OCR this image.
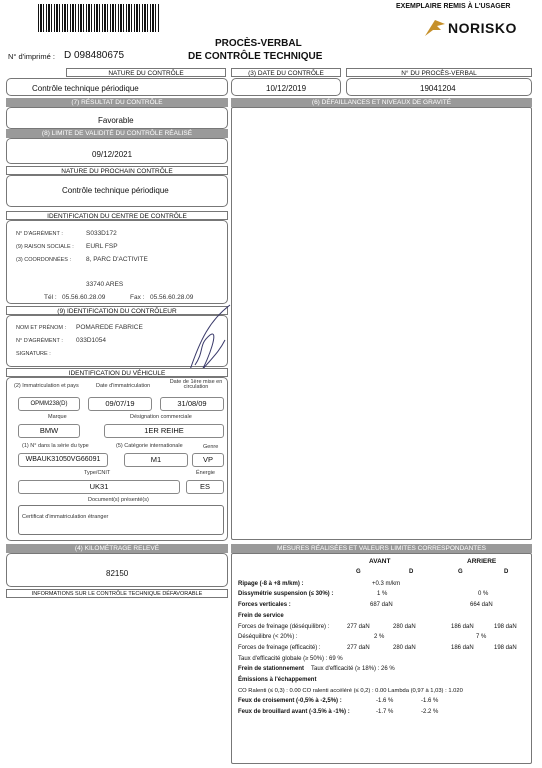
EXEMPLAIRE REMIS À L'USAGER
NORISKO
N° d'imprimé : D 098480675
PROCÈS-VERBAL
DE CONTRÔLE TECHNIQUE
NATURE DU CONTRÔLE
Contrôle technique périodique
(3) DATE DU CONTRÔLE
10/12/2019
N° DU PROCÈS-VERBAL
19041204
(7) RÉSULTAT DU CONTRÔLE
Favorable
(6) DÉFAILLANCES ET NIVEAUX DE GRAVITÉ
(8) LIMITE DE VALIDITÉ DU CONTRÔLE RÉALISÉ
09/12/2021
NATURE DU PROCHAIN CONTRÔLE
Contrôle technique périodique
IDENTIFICATION DU CENTRE DE CONTRÔLE
N° D'AGRÉMENT :	S033D172
(9) RAISON SOCIALE : EURL FSP
(3) COORDONNÉES : 8, PARC D'ACTIVITE
33740 ARES
Tél : 05.56.60.28.09	Fax : 05.56.60.28.09
(9) IDENTIFICATION DU CONTRÔLEUR
NOM ET PRÉNOM : POMAREDE FABRICE
N° D'AGRÉMENT : 033D1054
SIGNATURE :
IDENTIFICATION DU VÉHICULE
(2) Immatriculation et pays	Date d'immatriculation
Date de 1ère mise en circulation
OPMM238(D)	09/07/19	31/08/09
Marque	Désignation commerciale
BMW	1ER REIHE
(1) N° dans la série du type	(5) Catégorie internationale	Genre
WBAUK31050VG66091	M1	VP
Type/CNIT	Énergie
UK31	ES
Document(s) présenté(s)
Certificat d'immatriculation étranger
(4) KILOMÉTRAGE RELEVÉ
82150
INFORMATIONS SUR LE CONTRÔLE TECHNIQUE DÉFAVORABLE
MESURES RÉALISÉES ET VALEURS LIMITES CORRESPONDANTES
AVANT	ARRIERE
G	D	G	D
Ripage (-8 à +8 m/km) :	+0.3 m/km
Dissymétrie suspension (≤ 30%) :	1 %	0 %
Forces verticales :	687 daN	664 daN
Frein de service
Forces de freinage (déséquilibre) :	277 daN	280 daN	186 daN	198 daN
Déséquilibre (< 20%) :	2 %	7 %
Forces de freinage (efficacité) :	277 daN	280 daN	186 daN	198 daN
Taux d'efficacité globale (≥ 50%) : 69 %
Frein de stationnement Taux d'efficacité (≥ 18%) : 26 %
Émissions à l'échappement
CO Ralenti (≤ 0,3) : 0.00 CO ralenti accéléré (≤ 0,2) : 0.00 Lambda (0,97 à 1,03) : 1.020
Feux de croisement (-0,5% à -2,5%) :	-1.6 %	-1.6 %
Feux de brouillard avant (-3.5% à -1%) :	-1.7 %	-2.2 %
